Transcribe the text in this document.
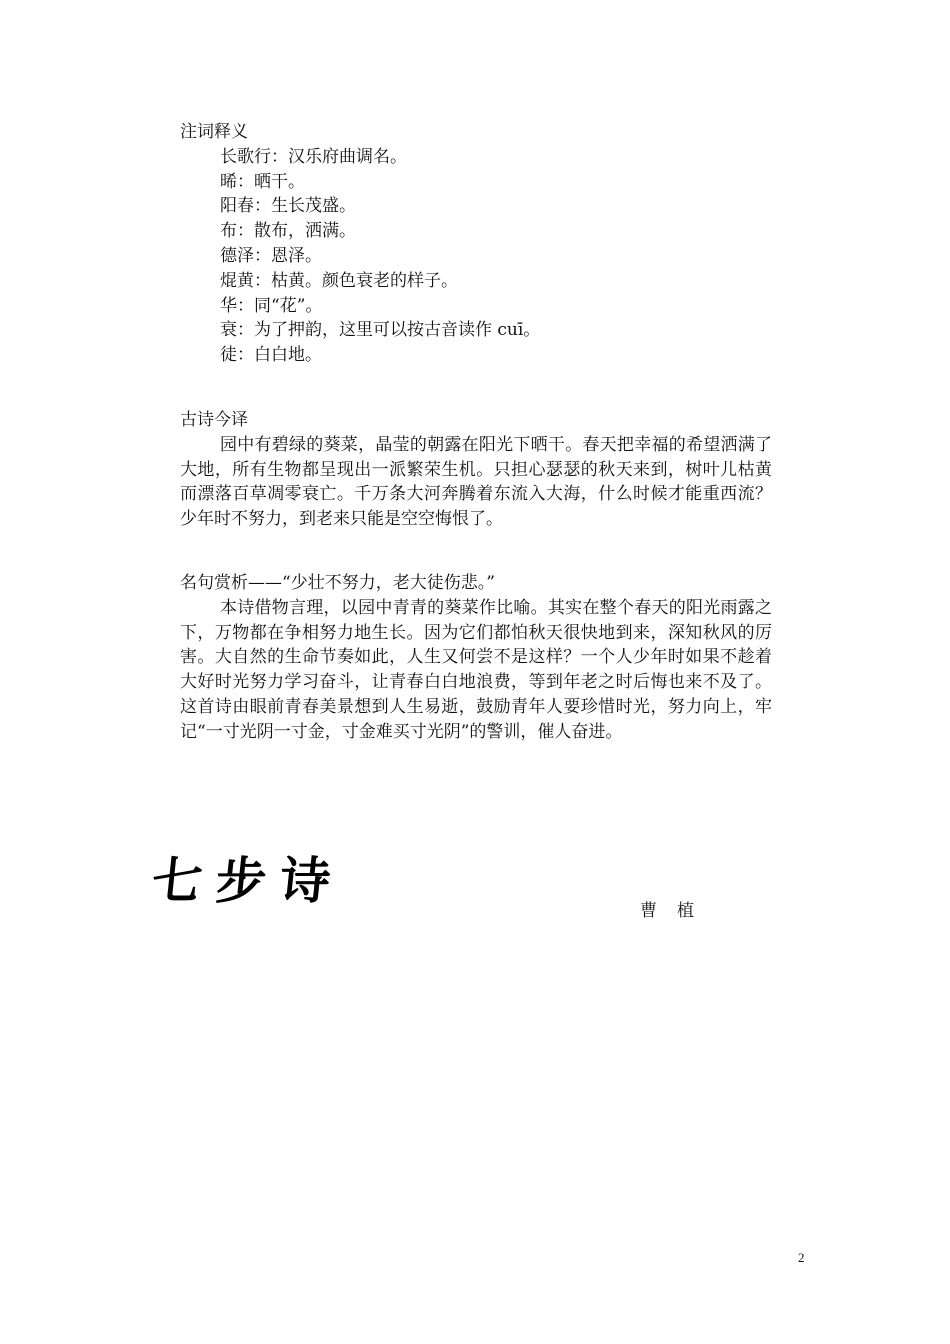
注词释义
长歌行：汉乐府曲调名。
晞：晒干。
阳春：生长茂盛。
布：散布，洒满。
德泽：恩泽。
焜黄：枯黄。颜色衰老的样子。
华：同“花”。
衰：为了押韵，这里可以按古音读作 cuī。
徒：白白地。
古诗今译

园中有碧绿的葵菜，晶莹的朝露在阳光下晒干。春天把幸福的希望洒满了大地，所有生物都呈现出一派繁荣生机。只担心瑟瑟的秋天来到，树叶儿枯黄而漂落百草凋零衰亡。千万条大河奔腾着东流入大海，什么时候才能重西流？少年时不努力，到老来只能是空空悔恨了。

名句赏析——“少壮不努力，老大徒伤悲。”

本诗借物言理，以园中青青的葵菜作比喻。其实在整个春天的阳光雨露之下，万物都在争相努力地生长。因为它们都怕秋天很快地到来，深知秋风的厉害。大自然的生命节奏如此，人生又何尝不是这样？一个人少年时如果不趁着大好时光努力学习奋斗，让青春白白地浪费，等到年老之时后悔也来不及了。这首诗由眼前青春美景想到人生易逝，鼓励青年人要珍惜时光，努力向上，牢记“一寸光阴一寸金，寸金难买寸光阴”的警训，催人奋进。

七步诗
曹植
2
